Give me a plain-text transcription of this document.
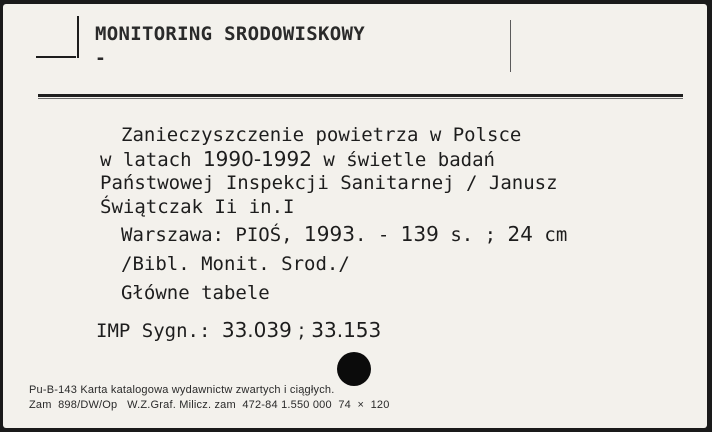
MONITORING SRODOWISKOWY
-
Zanieczyszczenie powietrza w Polsce
w latach 1990-1992 w świetle badań
Państwowej Inspekcji Sanitarnej / Janusz
Świątczak Ii in.I
Warszawa: PIOŚ, 1993. - 139 s. ; 24 cm
/Bibl. Monit. Srod./
Główne tabele
IMP Sygn.: 33.039 ; 33.153
Pu-B-143 Karta katalogowa wydawnictw zwartych i ciągłych.
Zam  898/DW/Op   W.Z.Graf. Milicz. zam  472-84 1.550 000  74  ×  120
